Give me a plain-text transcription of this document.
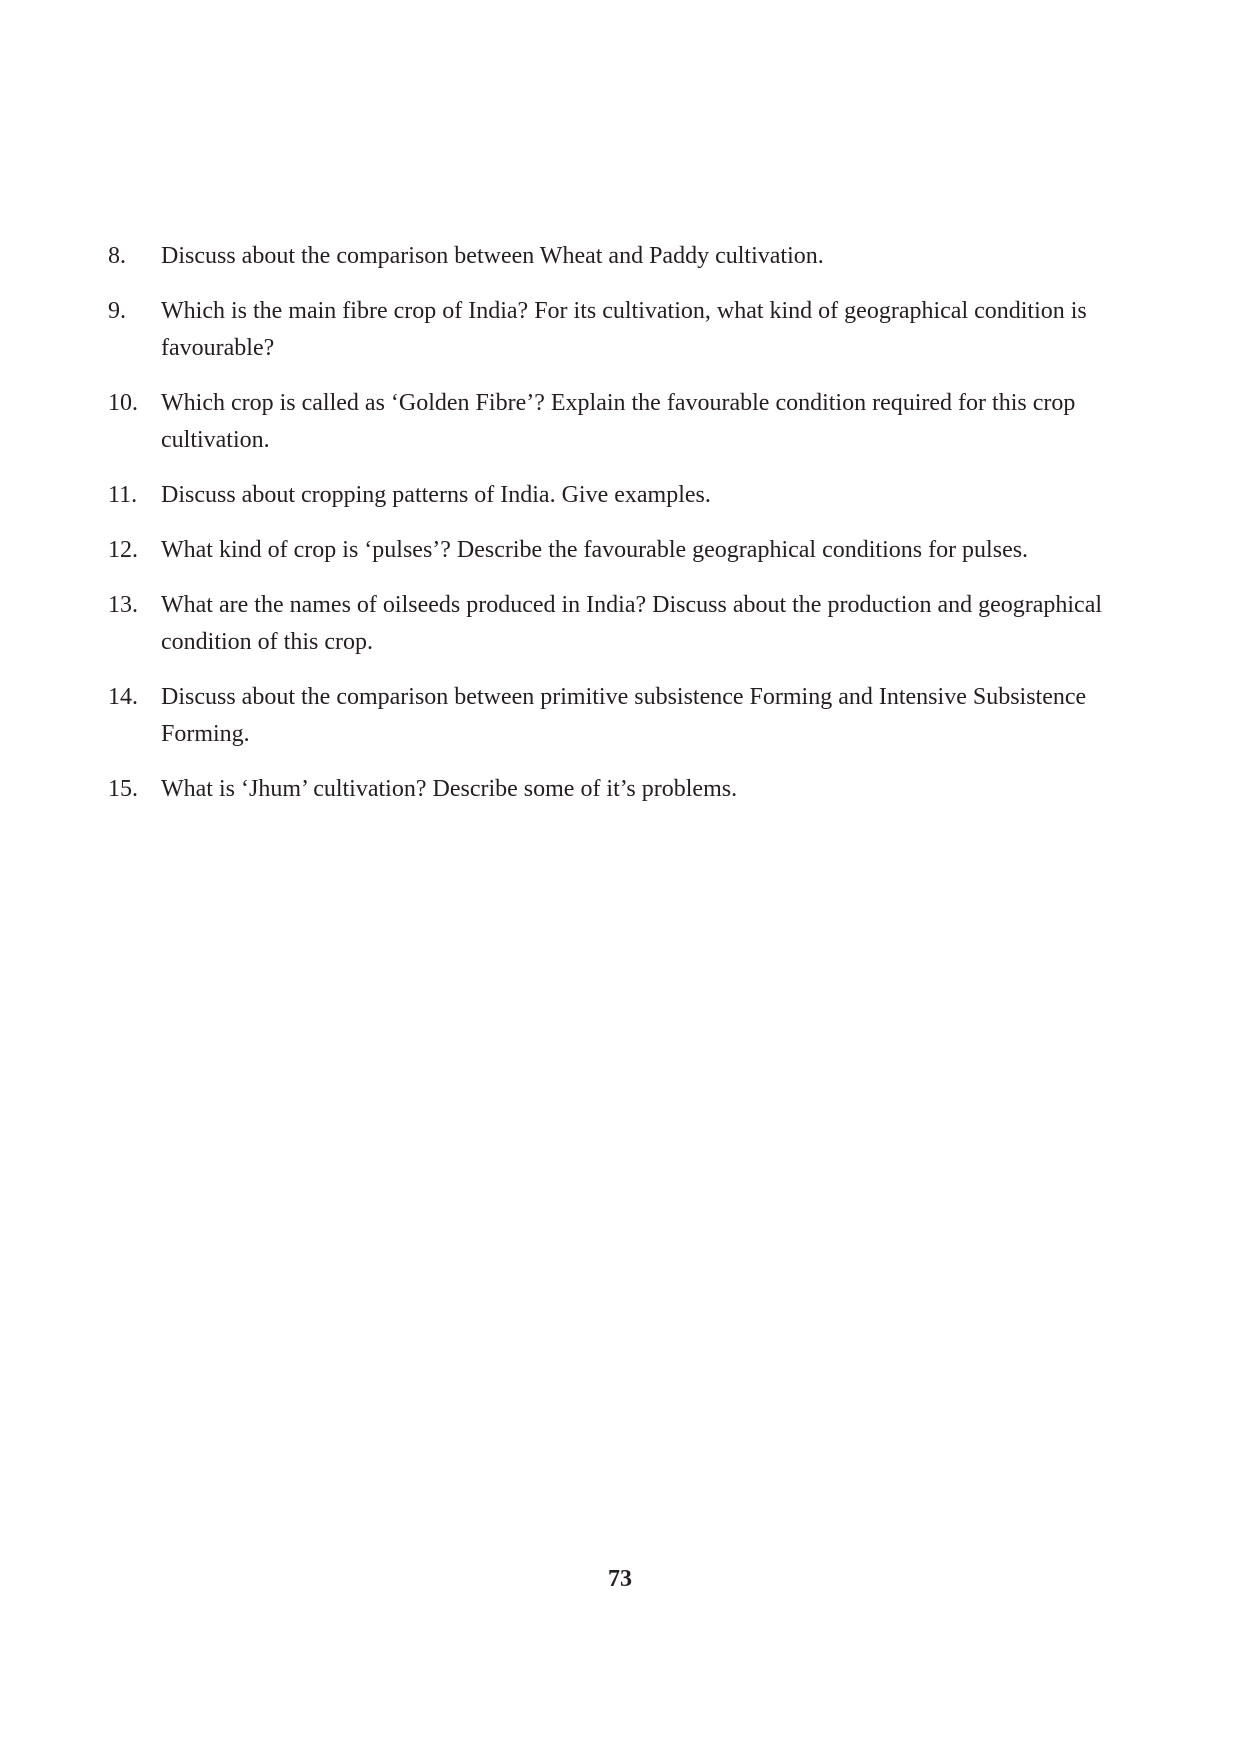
8.	Discuss about the comparison between Wheat and Paddy cultivation.
9.	Which is the main fibre crop of India? For its cultivation, what kind of geographical condition is favourable?
10. Which crop is called as ‘Golden Fibre’? Explain the favourable condition required for this crop cultivation.
11. Discuss about cropping patterns of India. Give examples.
12. What kind of crop is ‘pulses’? Describe the favourable geographical conditions for pulses.
13. What are the names of oilseeds produced in India? Discuss about the production and geographical condition of this crop.
14. Discuss about the comparison between primitive subsistence Forming and Intensive Subsistence Forming.
15. What is ‘Jhum’ cultivation? Describe some of it’s problems.
73
